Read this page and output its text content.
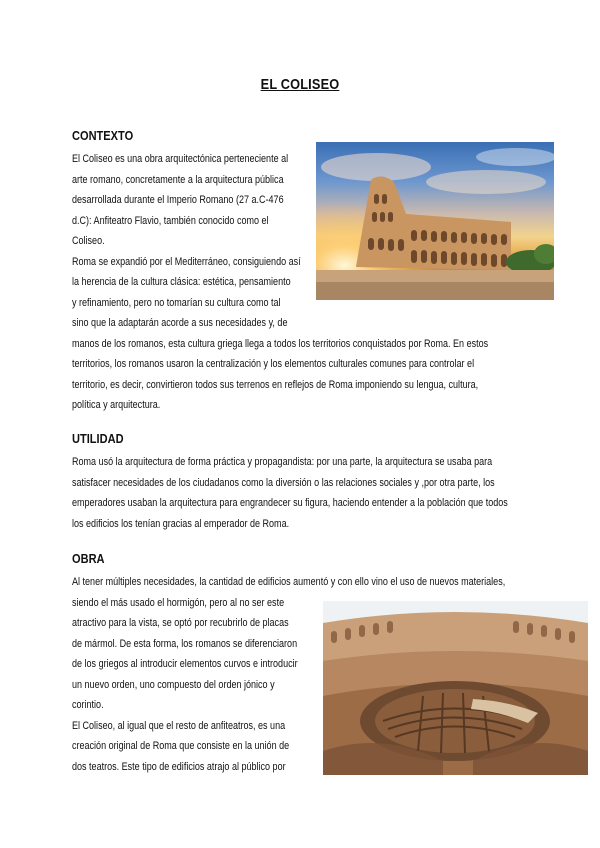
EL COLISEO
CONTEXTO
El Coliseo es una obra arquitectónica perteneciente al
arte romano, concretamente a la arquitectura pública
desarrollada durante el Imperio Romano (27 a.C-476
d.C): Anfiteatro Flavio, también conocido como el
Coliseo.
Roma se expandió por el Mediterráneo, consiguiendo así
la herencia de la cultura clásica: estética, pensamiento
y refinamiento, pero no tomarían su cultura como tal
sino que la adaptarán acorde a sus necesidades y, de
manos de los romanos, esta cultura griega llega a todos los territorios conquistados por Roma. En estos
territorios, los romanos usaron la centralización y los elementos culturales comunes para controlar el
territorio, es decir, convirtieron todos sus terrenos en reflejos de Roma imponiendo su lengua, cultura,
política y arquitectura.
UTILIDAD
Roma usó la arquitectura de forma práctica y propagandista: por una parte, la arquitectura se usaba para
satisfacer necesidades de los ciudadanos como la diversión o las relaciones sociales y ,por otra parte, los
emperadores usaban la arquitectura para engrandecer su figura, haciendo entender a la población que todos
los edificios los tenían gracias al emperador de Roma.
OBRA
Al tener múltiples necesidades, la cantidad de edificios aumentó y con ello vino el uso de nuevos materiales,
siendo el más usado el hormigón, pero al no ser este
atractivo para la vista, se optó por recubrirlo de placas
de mármol. De esta forma, los romanos se diferenciaron
de los griegos al introducir elementos curvos e introducir
un nuevo orden, uno compuesto del orden jónico y
corintio.
El Coliseo, al igual que el resto de anfiteatros, es una
creación original de Roma que consiste en la unión de
dos teatros. Este tipo de edificios atrajo al público por
